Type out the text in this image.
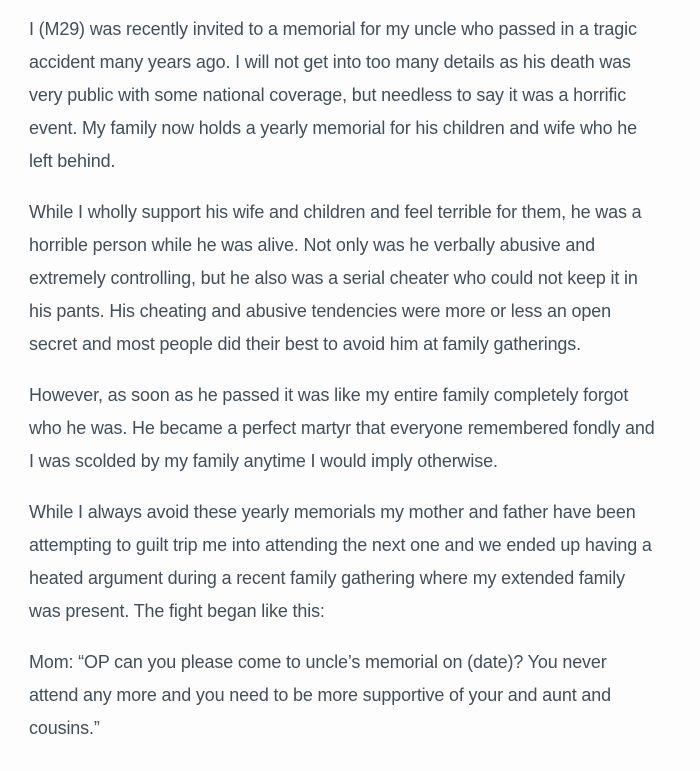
I (M29) was recently invited to a memorial for my uncle who passed in a tragic accident many years ago. I will not get into too many details as his death was very public with some national coverage, but needless to say it was a horrific event. My family now holds a yearly memorial for his children and wife who he left behind.

While I wholly support his wife and children and feel terrible for them, he was a horrible person while he was alive. Not only was he verbally abusive and extremely controlling, but he also was a serial cheater who could not keep it in his pants. His cheating and abusive tendencies were more or less an open secret and most people did their best to avoid him at family gatherings.

However, as soon as he passed it was like my entire family completely forgot who he was. He became a perfect martyr that everyone remembered fondly and I was scolded by my family anytime I would imply otherwise.

While I always avoid these yearly memorials my mother and father have been attempting to guilt trip me into attending the next one and we ended up having a heated argument during a recent family gathering where my extended family was present. The fight began like this:

Mom: “OP can you please come to uncle’s memorial on (date)? You never attend any more and you need to be more supportive of your and aunt and cousins.”
